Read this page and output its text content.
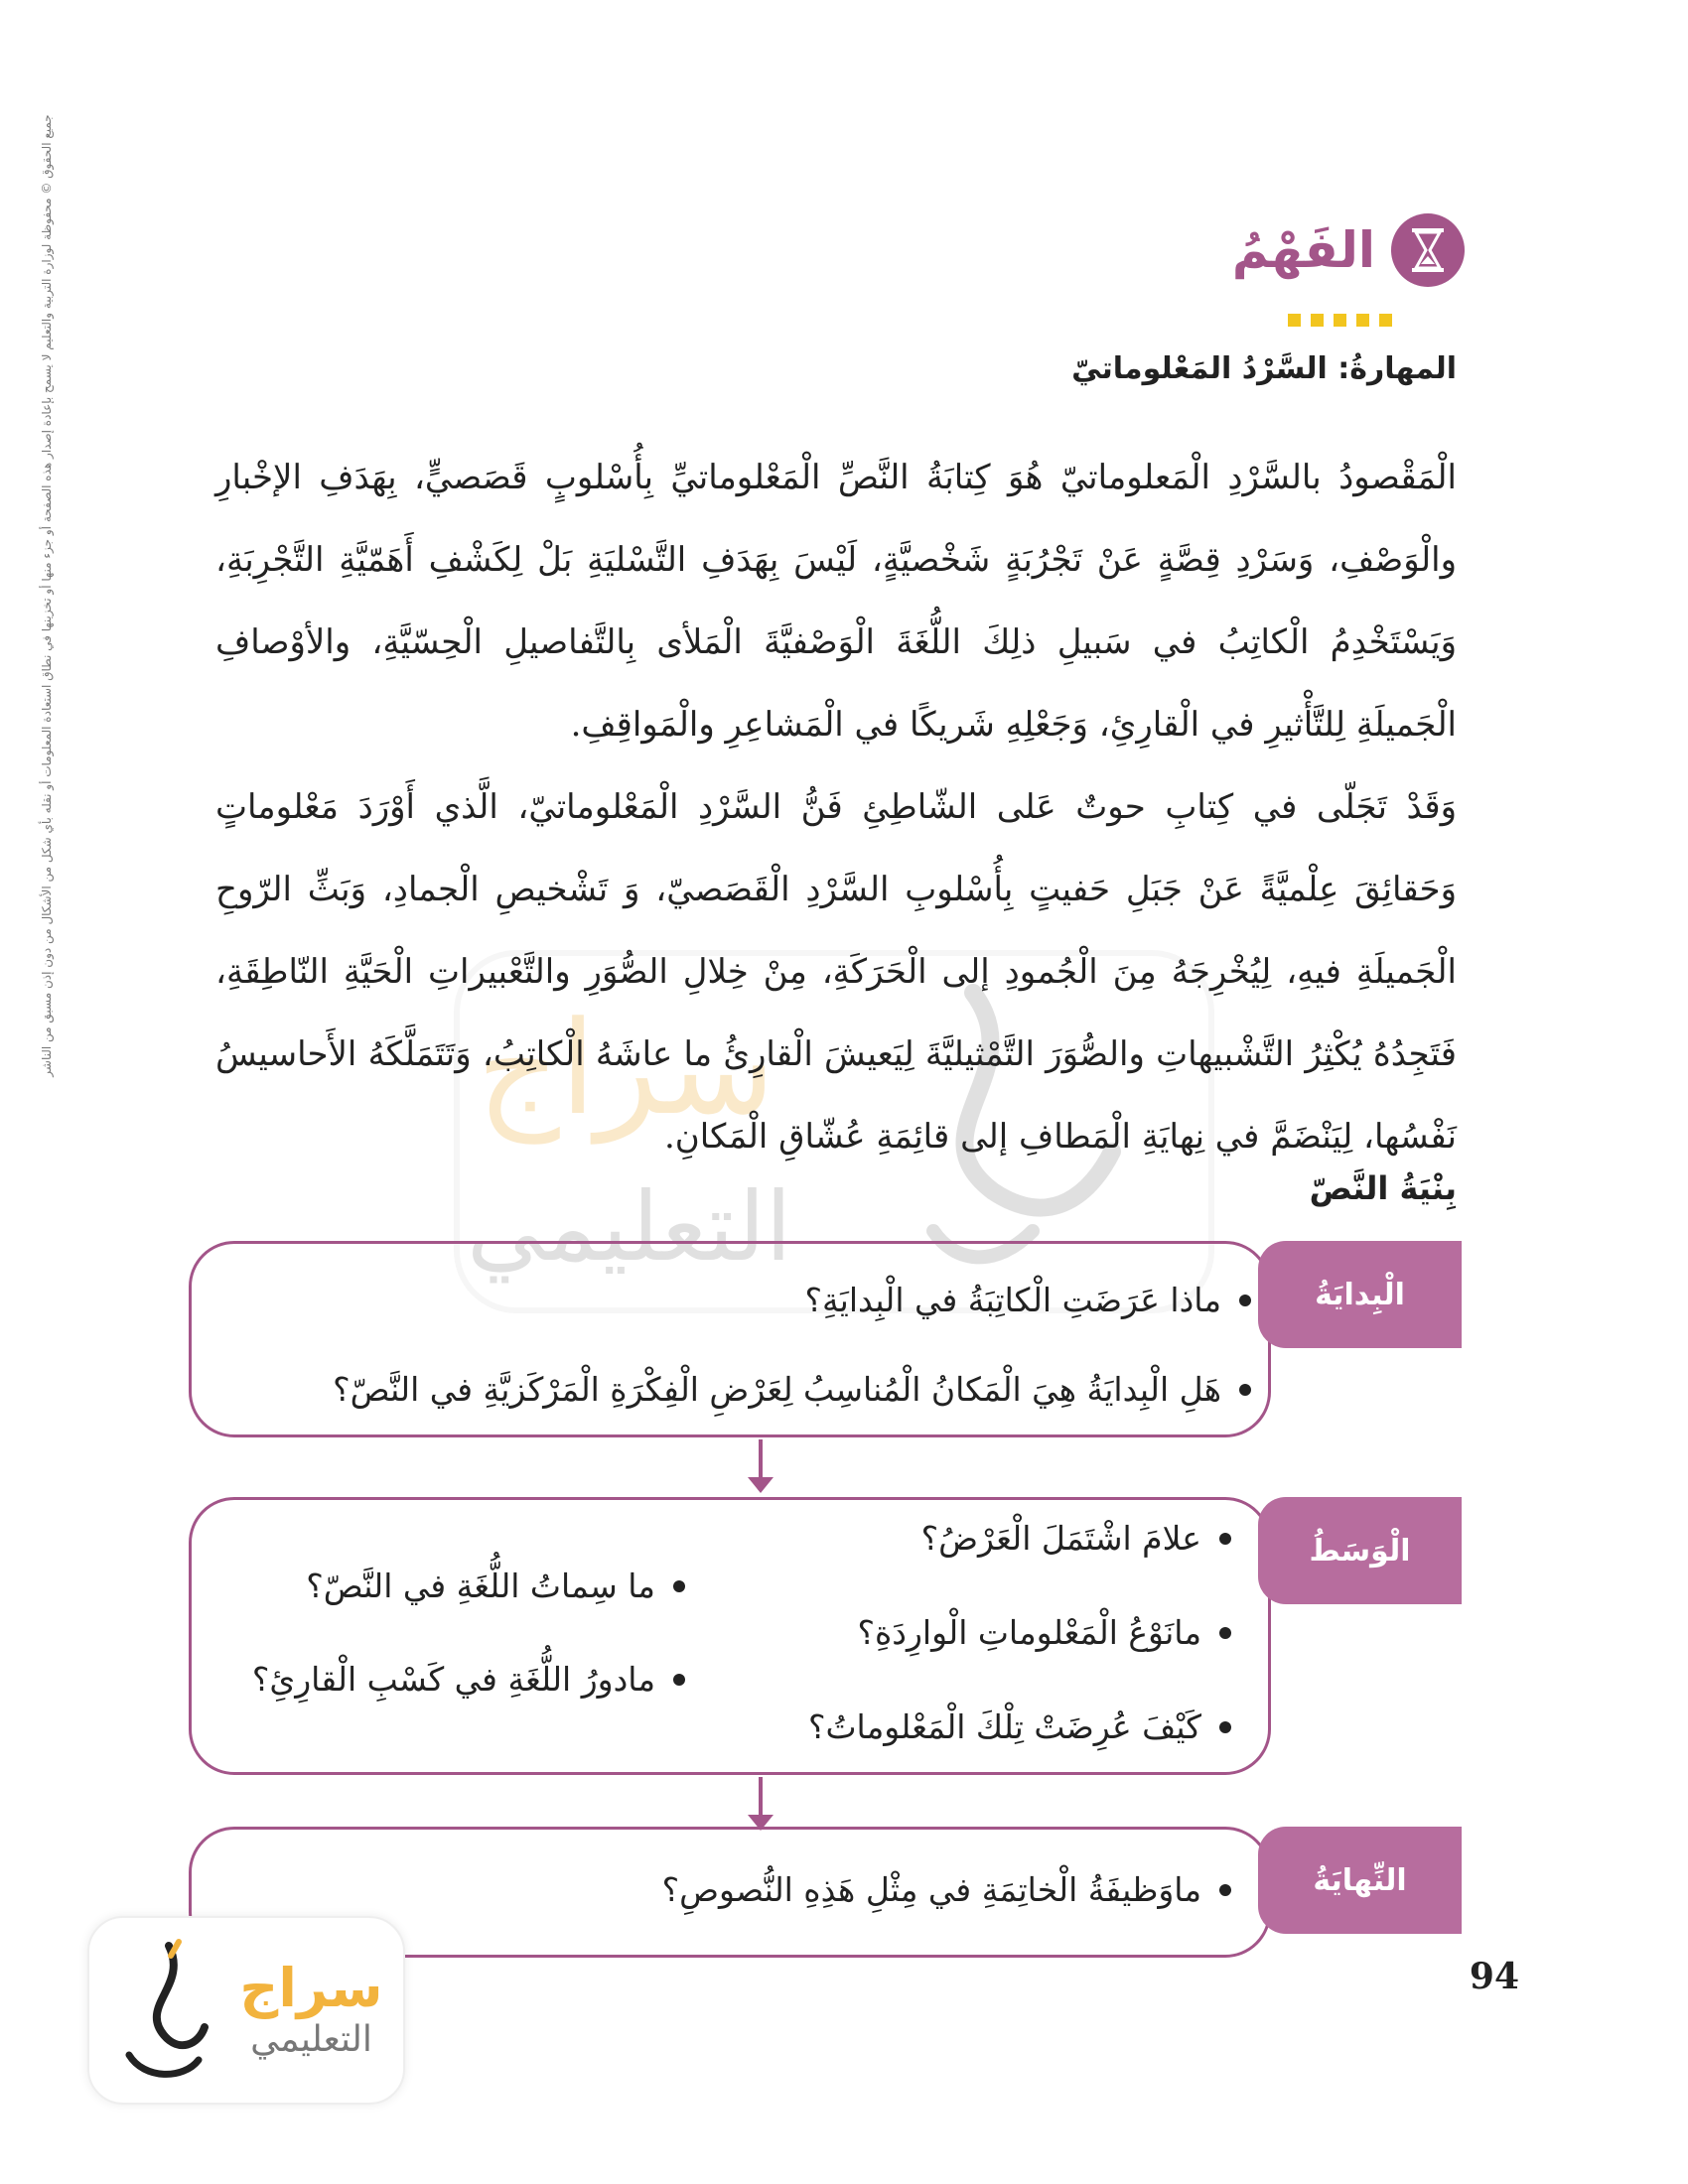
جميع الحقوق © محفوظة لوزارة التربية والتعليم لا يسمح بإعادة إصدار هذه الصفحة أو جزء منها أو تخزينها في نطاق استعادة المعلومات أو نقله بأي شكل من الأشكال من دون إذن مسبق من الناشر	سراج
التعليمي
الفَهْمُ
المهارةُ: السَّرْدُ المَعْلوماتيّ

الْمَقْصودُ بالسَّرْدِ الْمَعلوماتيّ هُوَ كِتابَةُ النَّصِّ الْمَعْلوماتيِّ بِأُسْلوبٍ قَصَصيٍّ، بِهَدَفِ الإخْبارِ والْوَصْفِ، وَسَرْدِ قِصَّةٍ عَنْ تَجْرُبَةٍ شَخْصيَّةٍ، لَيْسَ بِهَدَفِ التَّسْليَةِ بَلْ لِكَشْفِ أَهَمّيَّةِ التَّجْرِبَةِ، وَيَسْتَخْدِمُ الْكاتِبُ في سَبيلِ ذلِكَ اللُّغَةَ الْوَصْفيَّةَ الْمَلأى بِالتَّفاصيلِ الْحِسّيَّةِ، والأوْصافِ الْجَميلَةِ لِلتَّأْثيرِ في الْقارِئِ، وَجَعْلِهِ شَريكًا في الْمَشاعِرِ والْمَواقِفِ.

وَقَدْ تَجَلّى في كِتابِ حوتٌ عَلى الشّاطِئِ فَنُّ السَّرْدِ الْمَعْلوماتيّ، الَّذي أَوْرَدَ مَعْلوماتٍ وَحَقائِقَ عِلْميَّةً عَنْ جَبَلِ حَفيتٍ بِأُسْلوبِ السَّرْدِ الْقَصَصيّ، وَ تَشْخيصِ الْجمادِ، وَبَثِّ الرّوحِ الْجَميلَةِ فيهِ، لِيُخْرِجَهُ مِنَ الْجُمودِ إلى الْحَرَكَةِ، مِنْ خِلالِ الصُّوَرِ والتَّعْبيراتِ الْحَيَّةِ النّاطِقَةِ، فَتَجِدُهُ يُكْثِرُ التَّشْبيهاتِ والصُّوَرَ التَّمْثيليَّةَ لِيَعيشَ الْقارِئُ ما عاشَهُ الْكاتِبُ، وَتَتَمَلَّكَهُ الأَحاسيسُ نَفْسُها، لِيَنْضَمَّ في نِهايَةِ الْمَطافِ إلى قائِمَةِ عُشّاقِ الْمَكانِ.

بِنْيَةُ النَّصّ
الْبِدايَةُ
ماذا عَرَضَتِ الْكاتِبَةُ في الْبِدايَةِ؟
هَلِ الْبِدايَةُ هِيَ الْمَكانُ الْمُناسِبُ لِعَرْضِ الْفِكْرَةِ الْمَرْكَزيَّةِ في النَّصّ؟
الْوَسَطُ
علامَ اشْتَمَلَ الْعَرْضُ؟
مانَوْعُ الْمَعْلوماتِ الْوارِدَةِ؟
كَيْفَ عُرِضَتْ تِلْكَ الْمَعْلوماتُ؟
ما سِماتُ اللُّغَةِ في النَّصّ؟
مادورُ اللُّغَةِ في كَسْبِ الْقارِئِ؟
النِّهايَةُ
ماوَظيفَةُ الْخاتِمَةِ في مِثْلِ هَذِهِ النُّصوصِ؟
94
سراج
التعليمي
